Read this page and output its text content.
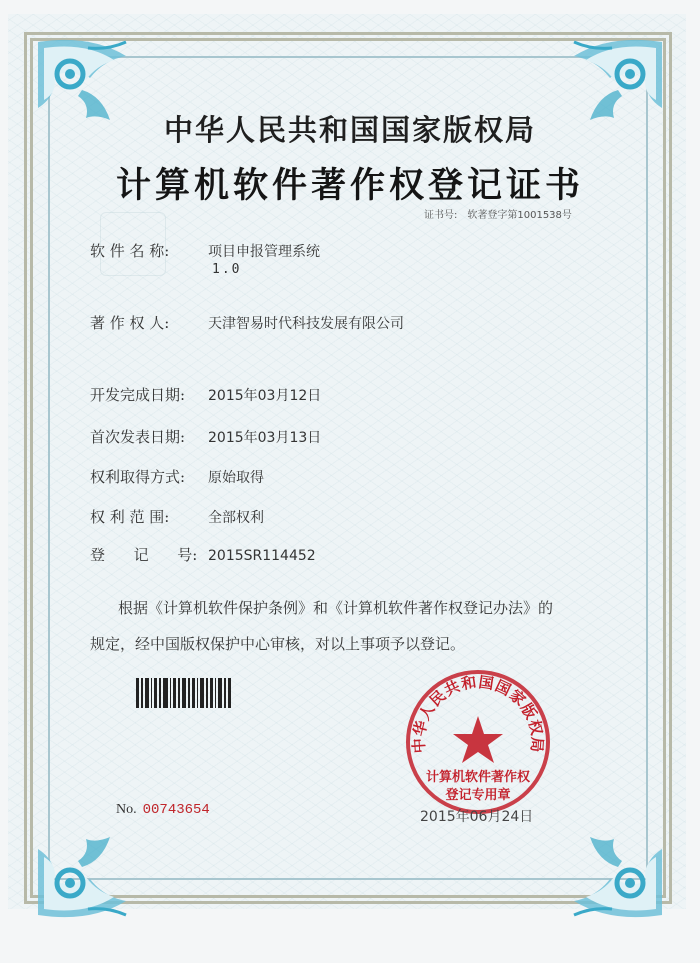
中华人民共和国国家版权局
计算机软件著作权登记证书
证书号: 软著登字第1001538号
软 件 名 称:	项目申报管理系统
1.0
著 作 权 人:	天津智易时代科技发展有限公司
开发完成日期: 2015年03月12日
首次发表日期: 2015年03月13日
权利取得方式: 原始取得
权 利 范 围:	全部权利
登      记      号: 2015SR114452
根据《计算机软件保护条例》和《计算机软件著作权登记办法》的
规定，经中国版权保护中心审核，对以上事项予以登记。
No. 00743654
中华人民共和国国家版权局
计算机软件著作权
登记专用章
2015年06月24日
